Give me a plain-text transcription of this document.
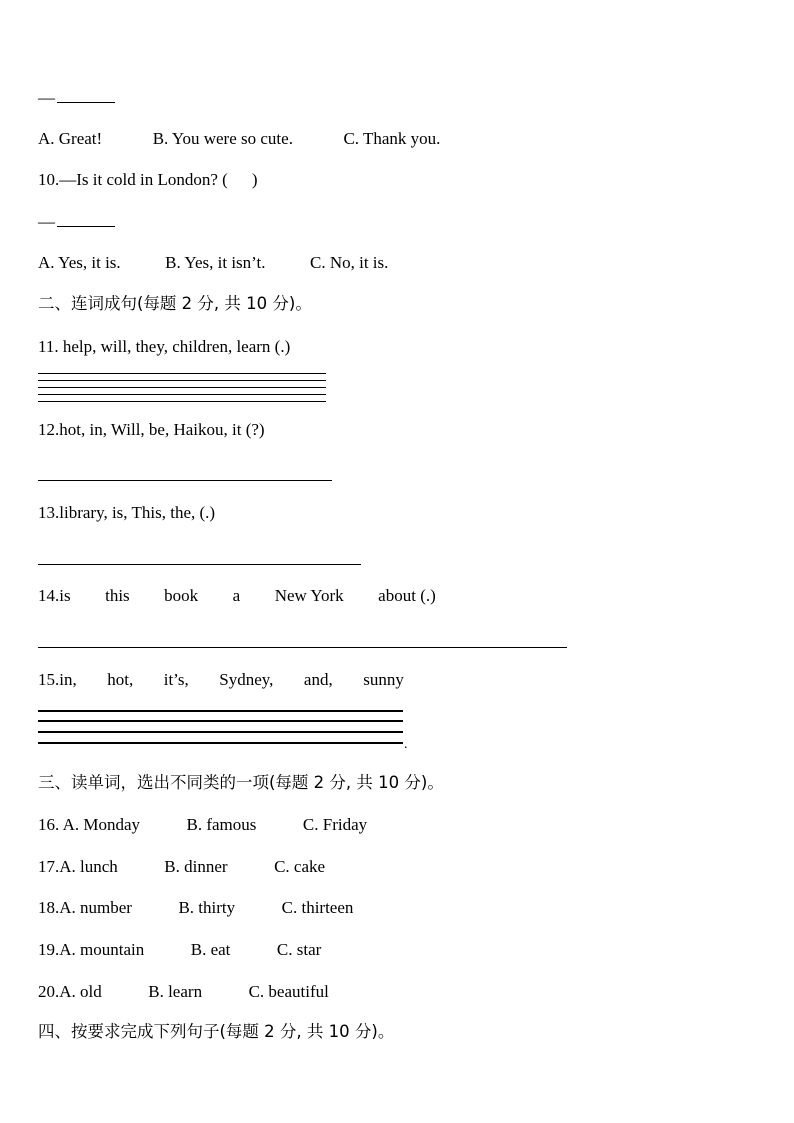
—
A. Great!	B. You were so cute.	C. Thank you.
10.—Is it cold in London? ( )
—
A. Yes, it is.	B. Yes, it isn’t.	C. No, it is.
二、连词成句(每题 2 分, 共 10 分)。
11. help, will, they, children, learn (.)
12.hot, in, Will, be, Haikou, it (?)
13.library, is, This, the, (.)
14.is this book a New York about (.)
15.in, hot, it’s, Sydney, and, sunny
.
三、读单词，选出不同类的一项(每题 2 分, 共 10 分)。
16. A. Monday	B. famous	C. Friday
17.A. lunch	B. dinner	C. cake
18.A. number	B. thirty	C. thirteen
19.A. mountain	B. eat	C. star
20.A. old	B. learn	C. beautiful
四、按要求完成下列句子(每题 2 分, 共 10 分)。
